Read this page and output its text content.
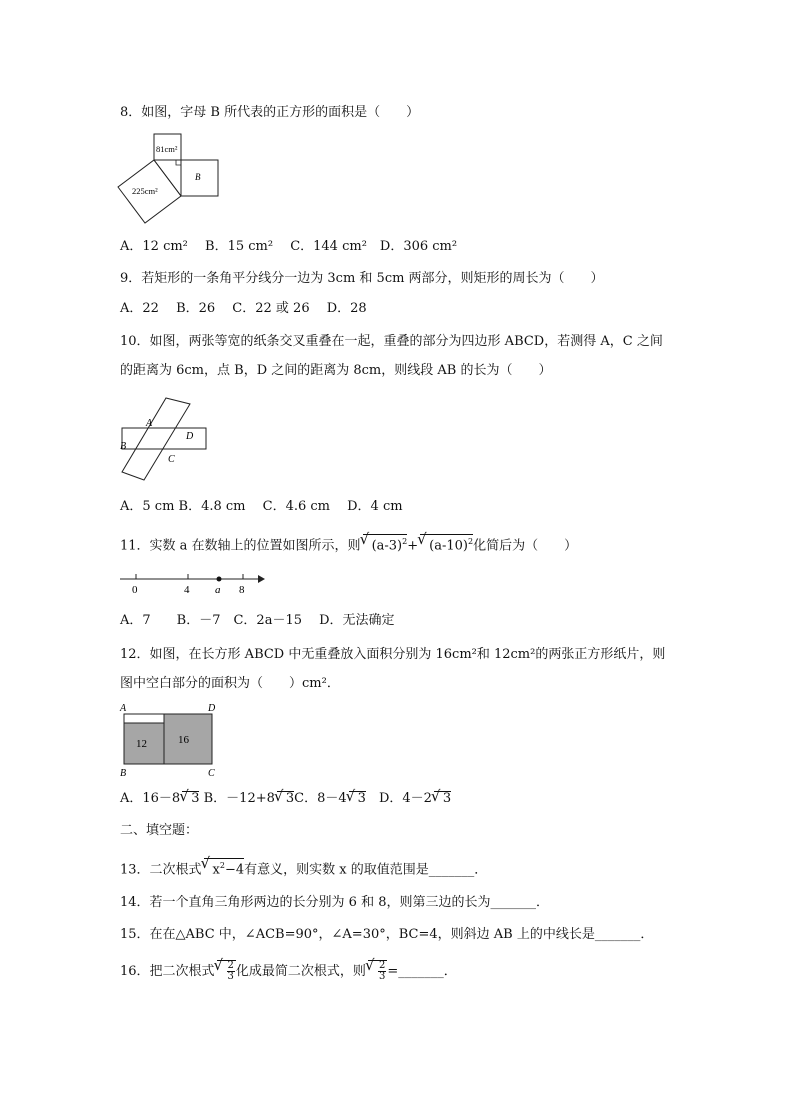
8．如图，字母 B 所代表的正方形的面积是（　　）
81cm²
225cm²
B
A．12 cm²　 B．15 cm²　 C．144 cm²　D．306 cm²
9．若矩形的一条角平分线分一边为 3cm 和 5cm 两部分，则矩形的周长为（　　）
A．22　 B．26　 C．22 或 26　 D．28
10．如图，两张等宽的纸条交叉重叠在一起，重叠的部分为四边形 ABCD，若测得 A，C 之间
的距离为 6cm，点 B，D 之间的距离为 8cm，则线段 AB 的长为（　　）
A
B
C
D
A．5 cm B．4.8 cm　 C．4.6 cm　 D．4 cm
11．实数 a 在数轴上的位置如图所示，则√ $(a-3)^2+√$ $(a-10)^2$化简后为（　　）
0	4 a 8
A．7　　B．－7　C．2a－15　 D．无法确定
12．如图，在长方形 ABCD 中无重叠放入面积分别为 16cm²和 12cm²的两张正方形纸片，则
图中空白部分的面积为（　　）cm²．
A	D
B	C
12	16
A．16－8√ 3 B．－12+8√ 3C．8－4√ 3　D．4－2√ 3
二、填空题：
13．二次根式√ $x^2-4$有意义，则实数 x 的取值范围是_______．
14．若一个直角三角形两边的长分别为 6 和 8，则第三边的长为_______．
15．在在△ABC 中，∠ACB=90°，∠A=30°，BC=4，则斜边 AB 上的中线长是_______．
16．把二次根式
√ $\frac{2}{3}$ 化成最简二次根式，则
√ $\frac{2}{3}$ =_______．
